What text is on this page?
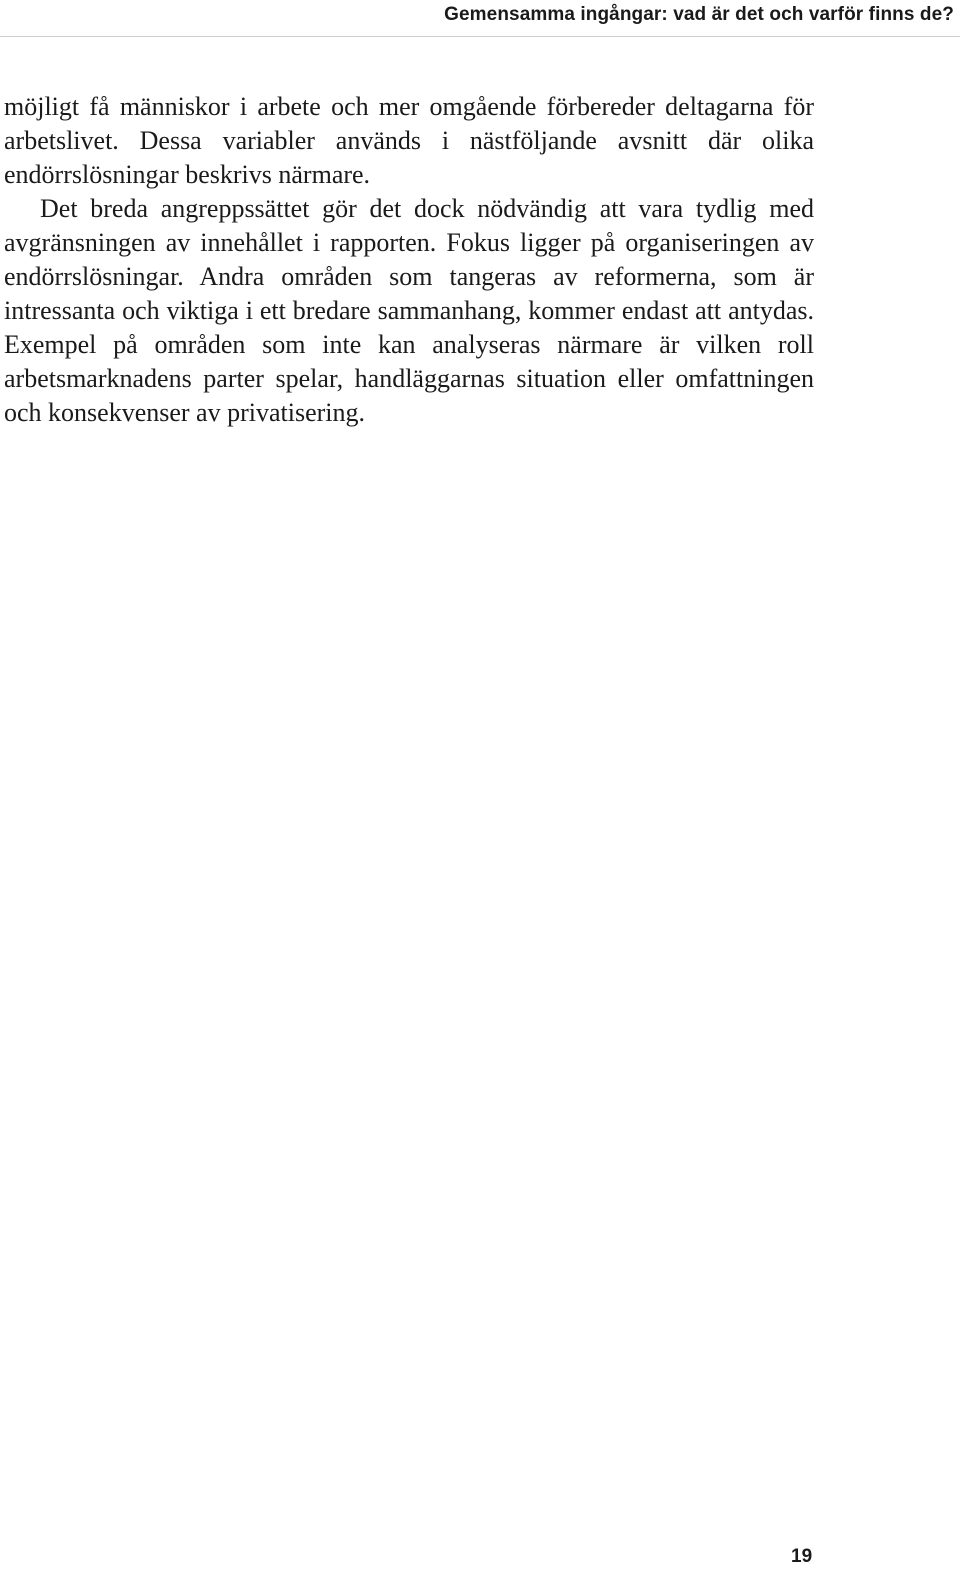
Gemensamma ingångar: vad är det och varför finns de?

möjligt få människor i arbete och mer omgående förbereder deltagarna för arbetslivet. Dessa variabler används i nästföljande avsnitt där olika endörrslösningar beskrivs närmare.

Det breda angreppssättet gör det dock nödvändig att vara tydlig med avgränsningen av innehållet i rapporten. Fokus ligger på organiseringen av endörrslösningar. Andra områden som tangeras av reformerna, som är intressanta och viktiga i ett bredare sammanhang, kommer endast att antydas. Exempel på områden som inte kan analyseras närmare är vilken roll arbetsmarknadens parter spelar, handläggarnas situation eller omfattningen och konsekvenser av privatisering.

19
